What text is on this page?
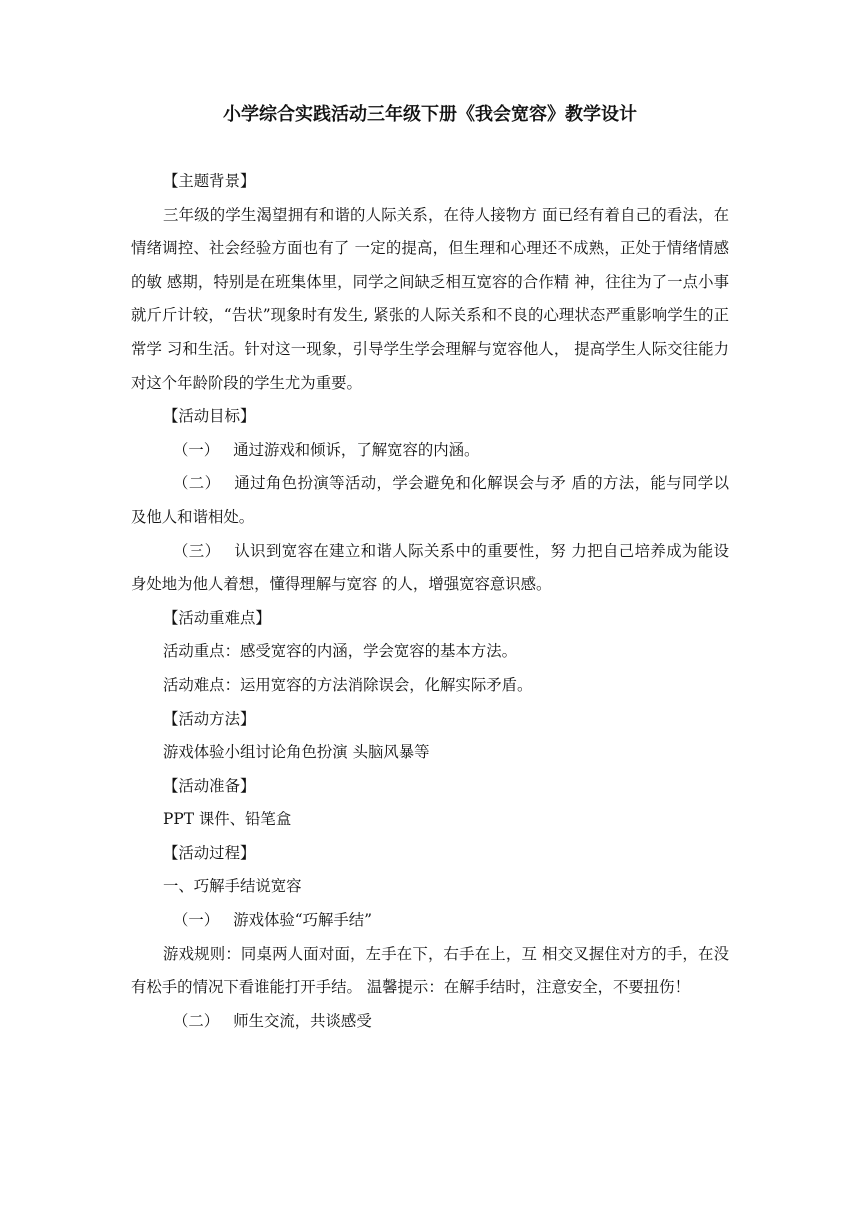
小学综合实践活动三年级下册《我会宽容》教学设计

【主题背景】

三年级的学生渴望拥有和谐的人际关系，在待人接物方 面已经有着自己的看法，在情绪调控、社会经验方面也有了 一定的提高，但生理和心理还不成熟，正处于情绪情感的敏 感期，特别是在班集体里，同学之间缺乏相互宽容的合作精 神，往往为了一点小事就斤斤计较，“告状”现象时有发生, 紧张的人际关系和不良的心理状态严重影响学生的正常学 习和生活。针对这一现象，引导学生学会理解与宽容他人， 提高学生人际交往能力对这个年龄阶段的学生尤为重要。

【活动目标】

（一） 通过游戏和倾诉，了解宽容的内涵。

（二） 通过角色扮演等活动，学会避免和化解误会与矛 盾的方法，能与同学以及他人和谐相处。

（三） 认识到宽容在建立和谐人际关系中的重要性，努 力把自己培养成为能设身处地为他人着想，懂得理解与宽容 的人，增强宽容意识感。

【活动重难点】

活动重点：感受宽容的内涵，学会宽容的基本方法。

活动难点：运用宽容的方法消除误会，化解实际矛盾。

【活动方法】

游戏体验小组讨论角色扮演 头脑风暴等

【活动准备】

PPT 课件、铅笔盒

【活动过程】

一、巧解手结说宽容

（一） 游戏体验“巧解手结”

游戏规则：同桌两人面对面，左手在下，右手在上，互 相交叉握住对方的手，在没有松手的情况下看谁能打开手结。 温馨提示：在解手结时，注意安全，不要扭伤！

（二） 师生交流，共谈感受
